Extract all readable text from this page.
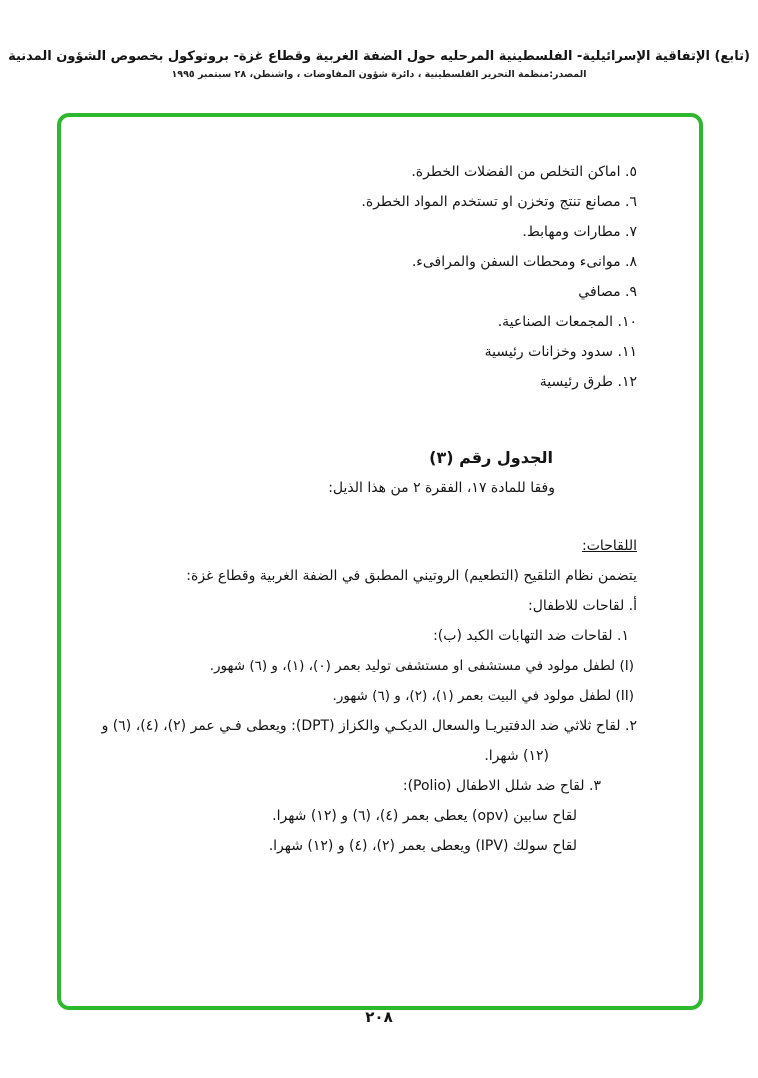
(تابع) الإتفاقية الإسرائيلية- الفلسطينية المرحليه حول الضفة الغربية وقطاع غزة- بروتوكول بخصوص الشؤون المدنية
المصدر:منظمة التحرير الفلسطينية ، دائرة شؤون المفاوضات ، واشنطن، ٢٨ سبتمبر ١٩٩٥
٥. اماكن التخلص من الفضلات الخطرة.
٦. مصانع تنتج وتخزن او تستخدم المواد الخطرة.
٧. مطارات ومهابط.
٨. موانىء ومحطات السفن والمرافىء.
٩. مصافي
١٠. المجمعات الصناعية.
١١. سدود وخزانات رئيسية
١٢. طرق رئيسية
الجدول رقم (٣)
وفقا للمادة ١٧، الفقرة ٢ من هذا الذيل:
اللقاحات:
يتضمن نظام التلقيح (التطعيم) الروتيني المطبق في الضفة الغربية وقطاع غزة:
أ. لقاحات للاطفال:
١. لقاحات ضد التهابات الكبد (ب):
(I) لطفل مولود في مستشفى او مستشفى توليد بعمر (٠)، (١)، و (٦) شهور.
(II) لطفل مولود في البيت بعمر (١)، (٢)، و (٦) شهور.
٢. لقاح ثلاثي ضد الدفتيريـا والسعال الديكـي والكزاز (DPT): ويعطى فـي عمر (٢)، (٤)، (٦) و
(١٢) شهرا.
٣. لقاح ضد شلل الاطفال (Polio):
لقاح سابين (opv) يعطى بعمر (٤)، (٦) و (١٢) شهرا.
لقاح سولك (IPV) ويعطى بعمر (٢)، (٤) و (١٢) شهرا.
٢٠٨
